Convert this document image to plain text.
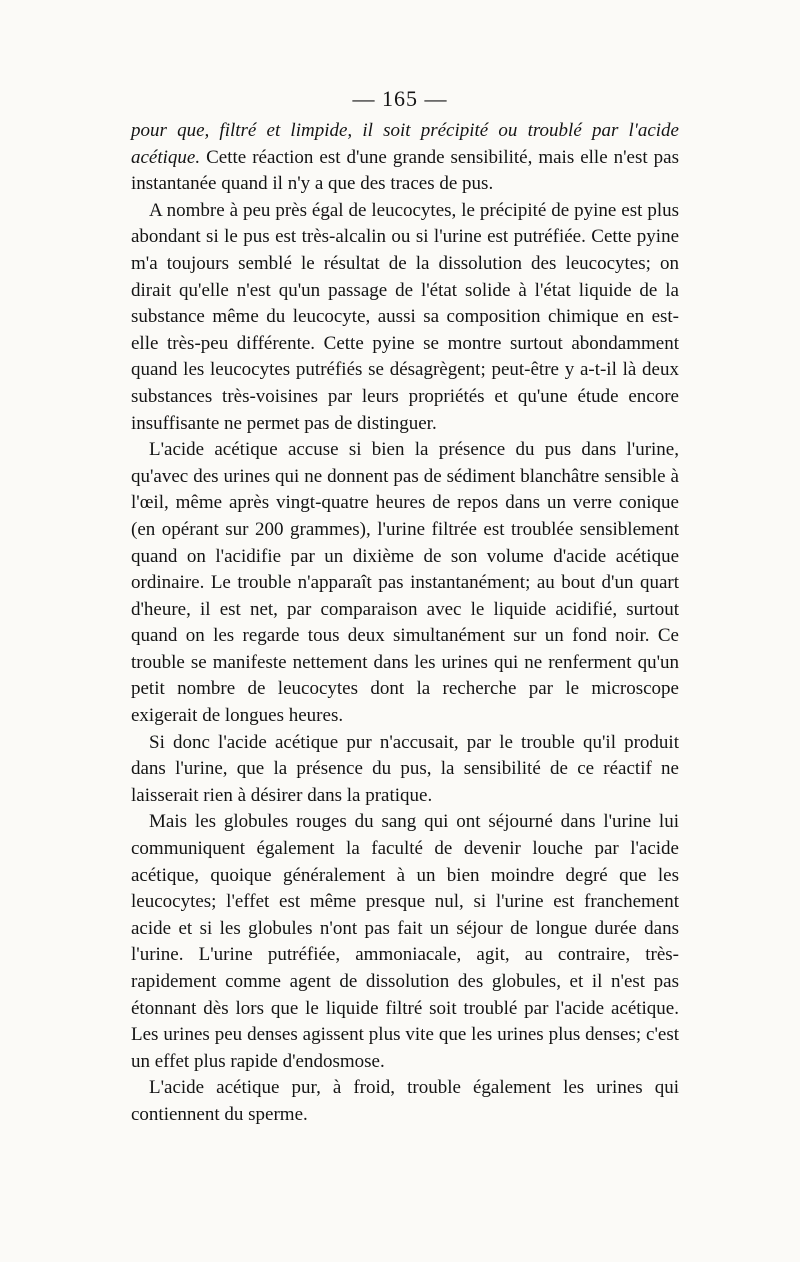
— 165 —

pour que, filtré et limpide, il soit précipité ou troublé par l'acide acétique. Cette réaction est d'une grande sensibilité, mais elle n'est pas instantanée quand il n'y a que des traces de pus.

A nombre à peu près égal de leucocytes, le précipité de pyine est plus abondant si le pus est très-alcalin ou si l'urine est putréfiée. Cette pyine m'a toujours semblé le résultat de la dissolution des leucocytes; on dirait qu'elle n'est qu'un passage de l'état solide à l'état liquide de la substance même du leucocyte, aussi sa composition chimique en est-elle très-peu différente. Cette pyine se montre surtout abondamment quand les leucocytes putréfiés se désagrègent; peut-être y a-t-il là deux substances très-voisines par leurs propriétés et qu'une étude encore insuffisante ne permet pas de distinguer.

L'acide acétique accuse si bien la présence du pus dans l'urine, qu'avec des urines qui ne donnent pas de sédiment blanchâtre sensible à l'œil, même après vingt-quatre heures de repos dans un verre conique (en opérant sur 200 grammes), l'urine filtrée est troublée sensiblement quand on l'acidifie par un dixième de son volume d'acide acétique ordinaire. Le trouble n'apparaît pas instantanément; au bout d'un quart d'heure, il est net, par comparaison avec le liquide acidifié, surtout quand on les regarde tous deux simultanément sur un fond noir. Ce trouble se manifeste nettement dans les urines qui ne renferment qu'un petit nombre de leucocytes dont la recherche par le microscope exigerait de longues heures.

Si donc l'acide acétique pur n'accusait, par le trouble qu'il produit dans l'urine, que la présence du pus, la sensibilité de ce réactif ne laisserait rien à désirer dans la pratique.

Mais les globules rouges du sang qui ont séjourné dans l'urine lui communiquent également la faculté de devenir louche par l'acide acétique, quoique généralement à un bien moindre degré que les leucocytes; l'effet est même presque nul, si l'urine est franchement acide et si les globules n'ont pas fait un séjour de longue durée dans l'urine. L'urine putréfiée, ammoniacale, agit, au contraire, très-rapidement comme agent de dissolution des globules, et il n'est pas étonnant dès lors que le liquide filtré soit troublé par l'acide acétique. Les urines peu denses agissent plus vite que les urines plus denses; c'est un effet plus rapide d'endosmose.

L'acide acétique pur, à froid, trouble également les urines qui contiennent du sperme.
